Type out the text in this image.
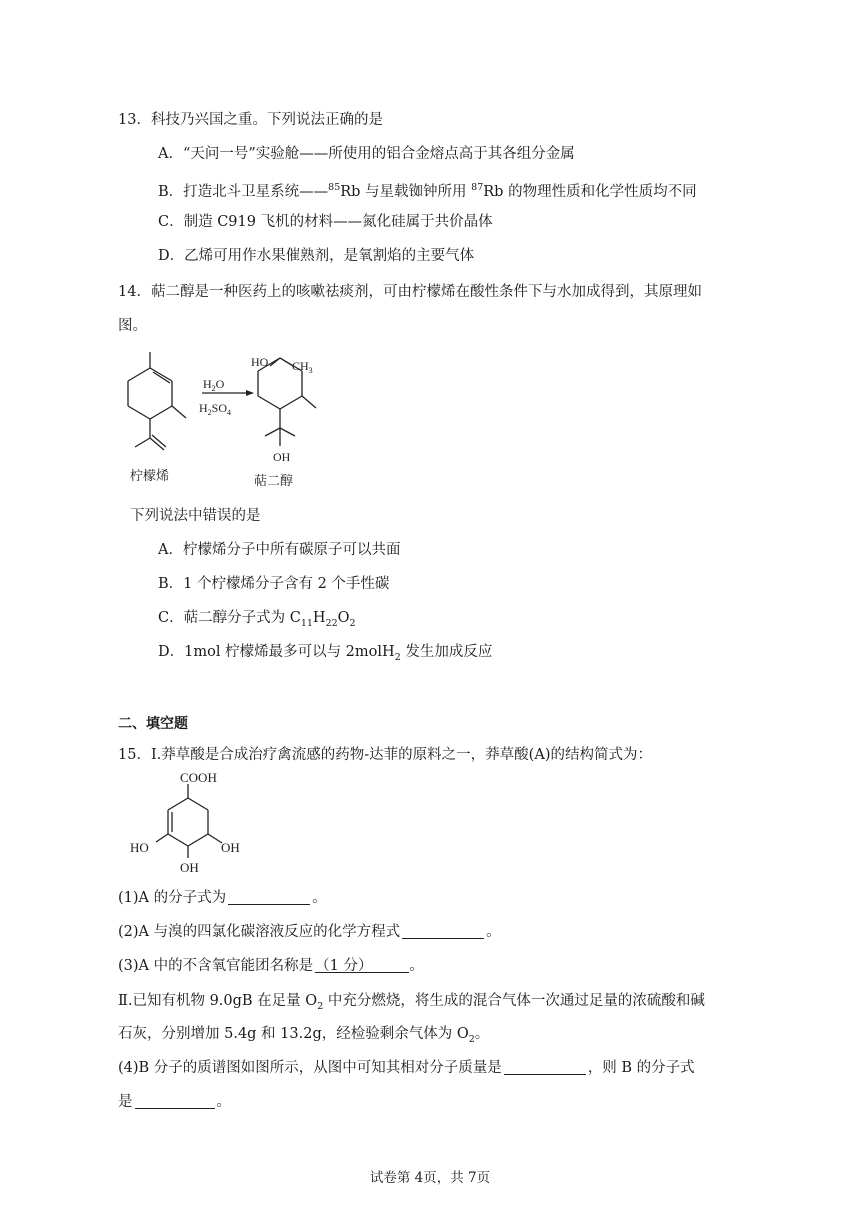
13．科技乃兴国之重。下列说法正确的是
A．“天问一号”实验舱——所使用的铝合金熔点高于其各组分金属
B．打造北斗卫星系统——$^{85}$Rb 与星载铷钟所用 $^{87}$Rb 的物理性质和化学性质均不同
C．制造 C919 飞机的材料——氮化硅属于共价晶体
D．乙烯可用作水果催熟剂，是氧割焰的主要气体
14．萜二醇是一种医药上的咳嗽祛痰剂，可由柠檬烯在酸性条件下与水加成得到，其原理如
图。
$H_2O$
$H_2SO_4$
HO $CH_3$
OH
柠檬烯	萜二醇
下列说法中错误的是
A．柠檬烯分子中所有碳原子可以共面
B．1 个柠檬烯分子含有 2 个手性碳
C．萜二醇分子式为 $C_{11}H_{22}O_2$
D．1mol 柠檬烯最多可以与 2molH$_2$ 发生加成反应
二、填空题
15．Ⅰ.莽草酸是合成治疗禽流感的药物-达菲的原料之一，莽草酸(A)的结构简式为：
COOH
HO	OH
OH
(1)A 的分子式为	。
(2)A 与溴的四氯化碳溶液反应的化学方程式	。
(3)A 中的不含氧官能团名称是 （1 分）	。
Ⅱ.已知有机物 9.0gB 在足量 $O_2$ 中充分燃烧，将生成的混合气体一次通过足量的浓硫酸和碱
石灰，分别增加 5.4g 和 13.2g，经检验剩余气体为 $O_2$。
(4)B 分子的质谱图如图所示，从图中可知其相对分子质量是	，则 B 的分子式
是	。
试卷第 4页，共 7页
